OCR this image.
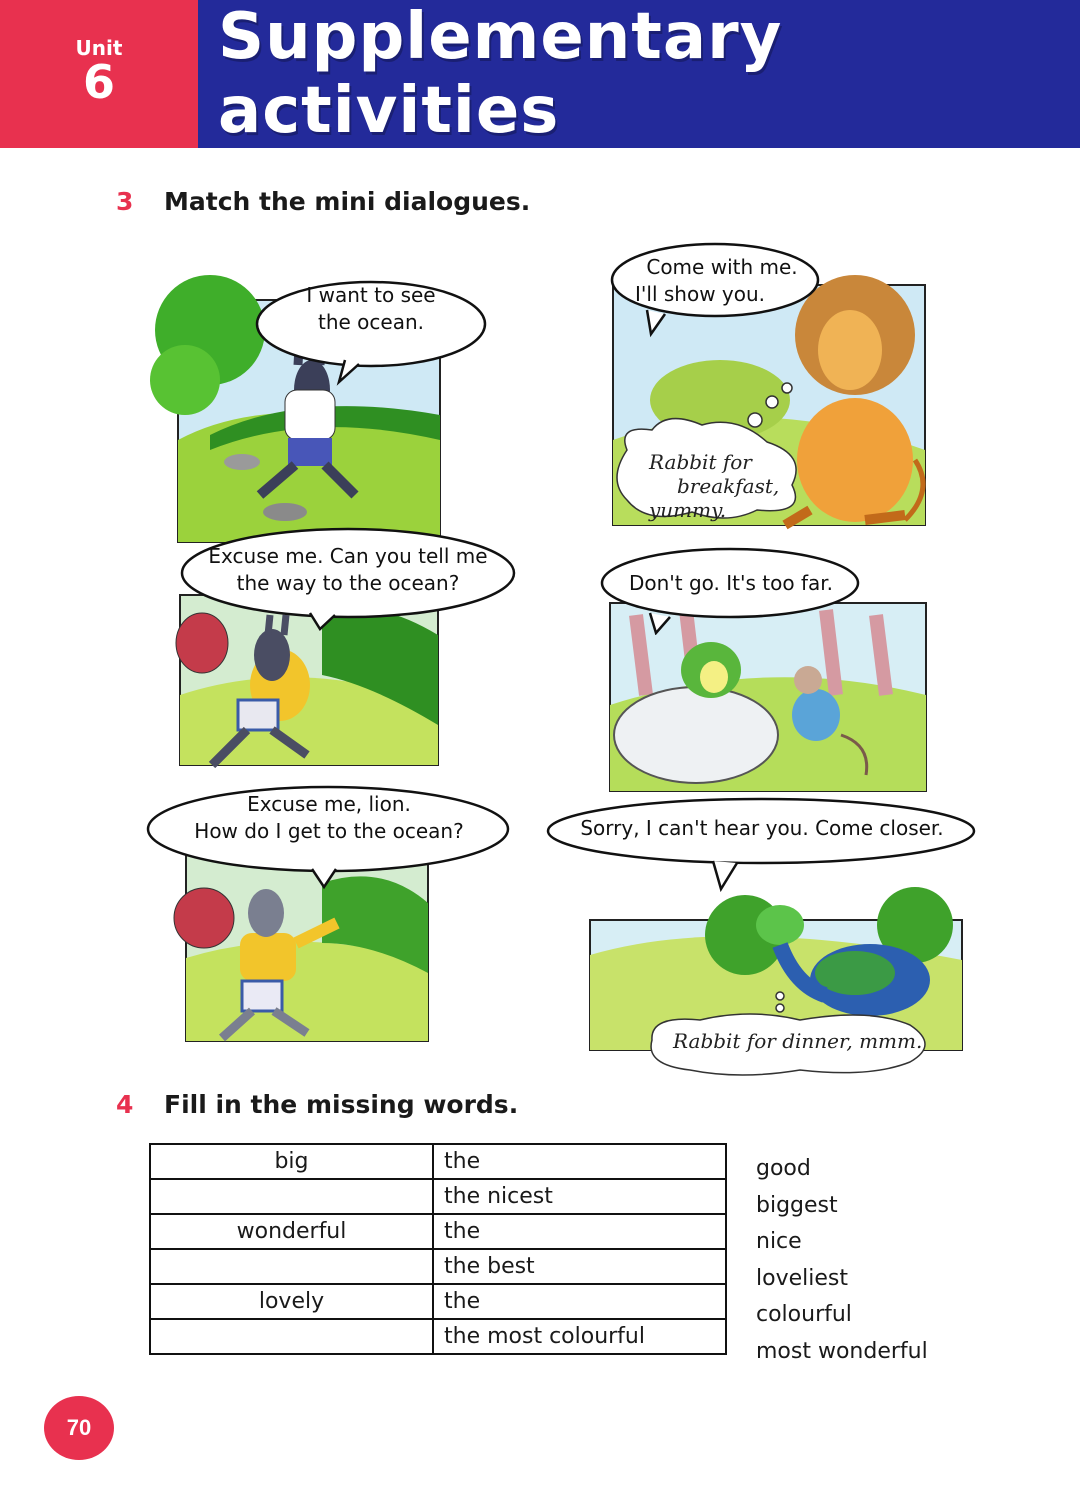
Unit
6
Supplementary activities
3	Match the mini dialogues.
I want to see
the ocean.
Come with me.
I'll show you.
Rabbit for
breakfast,
yummy.
Excuse me. Can you tell me
the way to the ocean?	Don't go. It's too far.
Excuse me, lion.
How do I get to the ocean?	Sorry, I can't hear you. Come closer.
Rabbit for dinner, mmm.
4	Fill in the missing words.
big	the
	the nicest
wonderful	the
	the best
lovely	the
	the most colourful
good
biggest
nice
loveliest
colourful
most wonderful
70
